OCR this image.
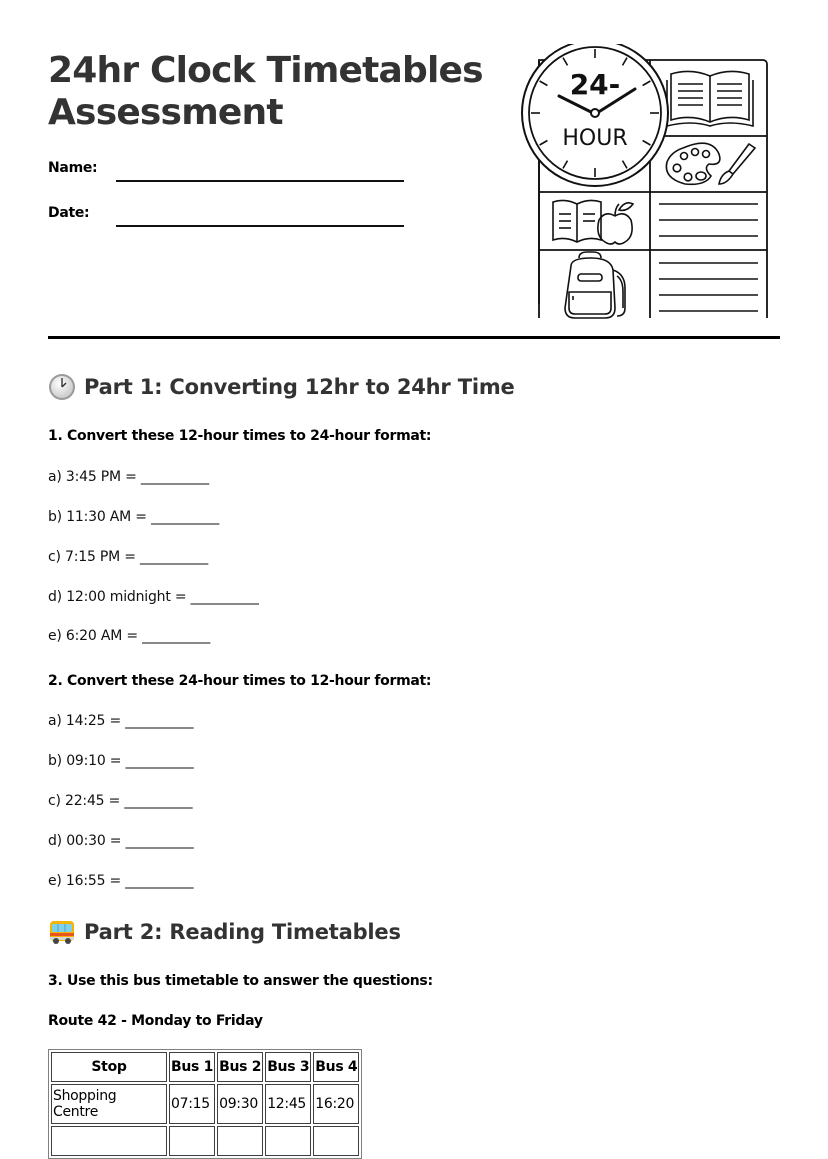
24hr Clock Timetables
Assessment
Name:
Date:
24-
HOUR
Part 1: Converting 12hr to 24hr Time

1. Convert these 12-hour times to 24-hour format:

a) 3:45 PM = __________
b) 11:30 AM = __________
c) 7:15 PM = __________
d) 12:00 midnight = __________
e) 6:20 AM = __________

2. Convert these 24-hour times to 12-hour format:

a) 14:25 = __________
b) 09:10 = __________
c) 22:45 = __________
d) 00:30 = __________
e) 16:55 = __________
Part 2: Reading Timetables

3. Use this bus timetable to answer the questions:

Route 42 - Monday to Friday

Stop	Bus 1	Bus 2	Bus 3	Bus 4
Shopping Centre	07:15	09:30	12:45	16:20
